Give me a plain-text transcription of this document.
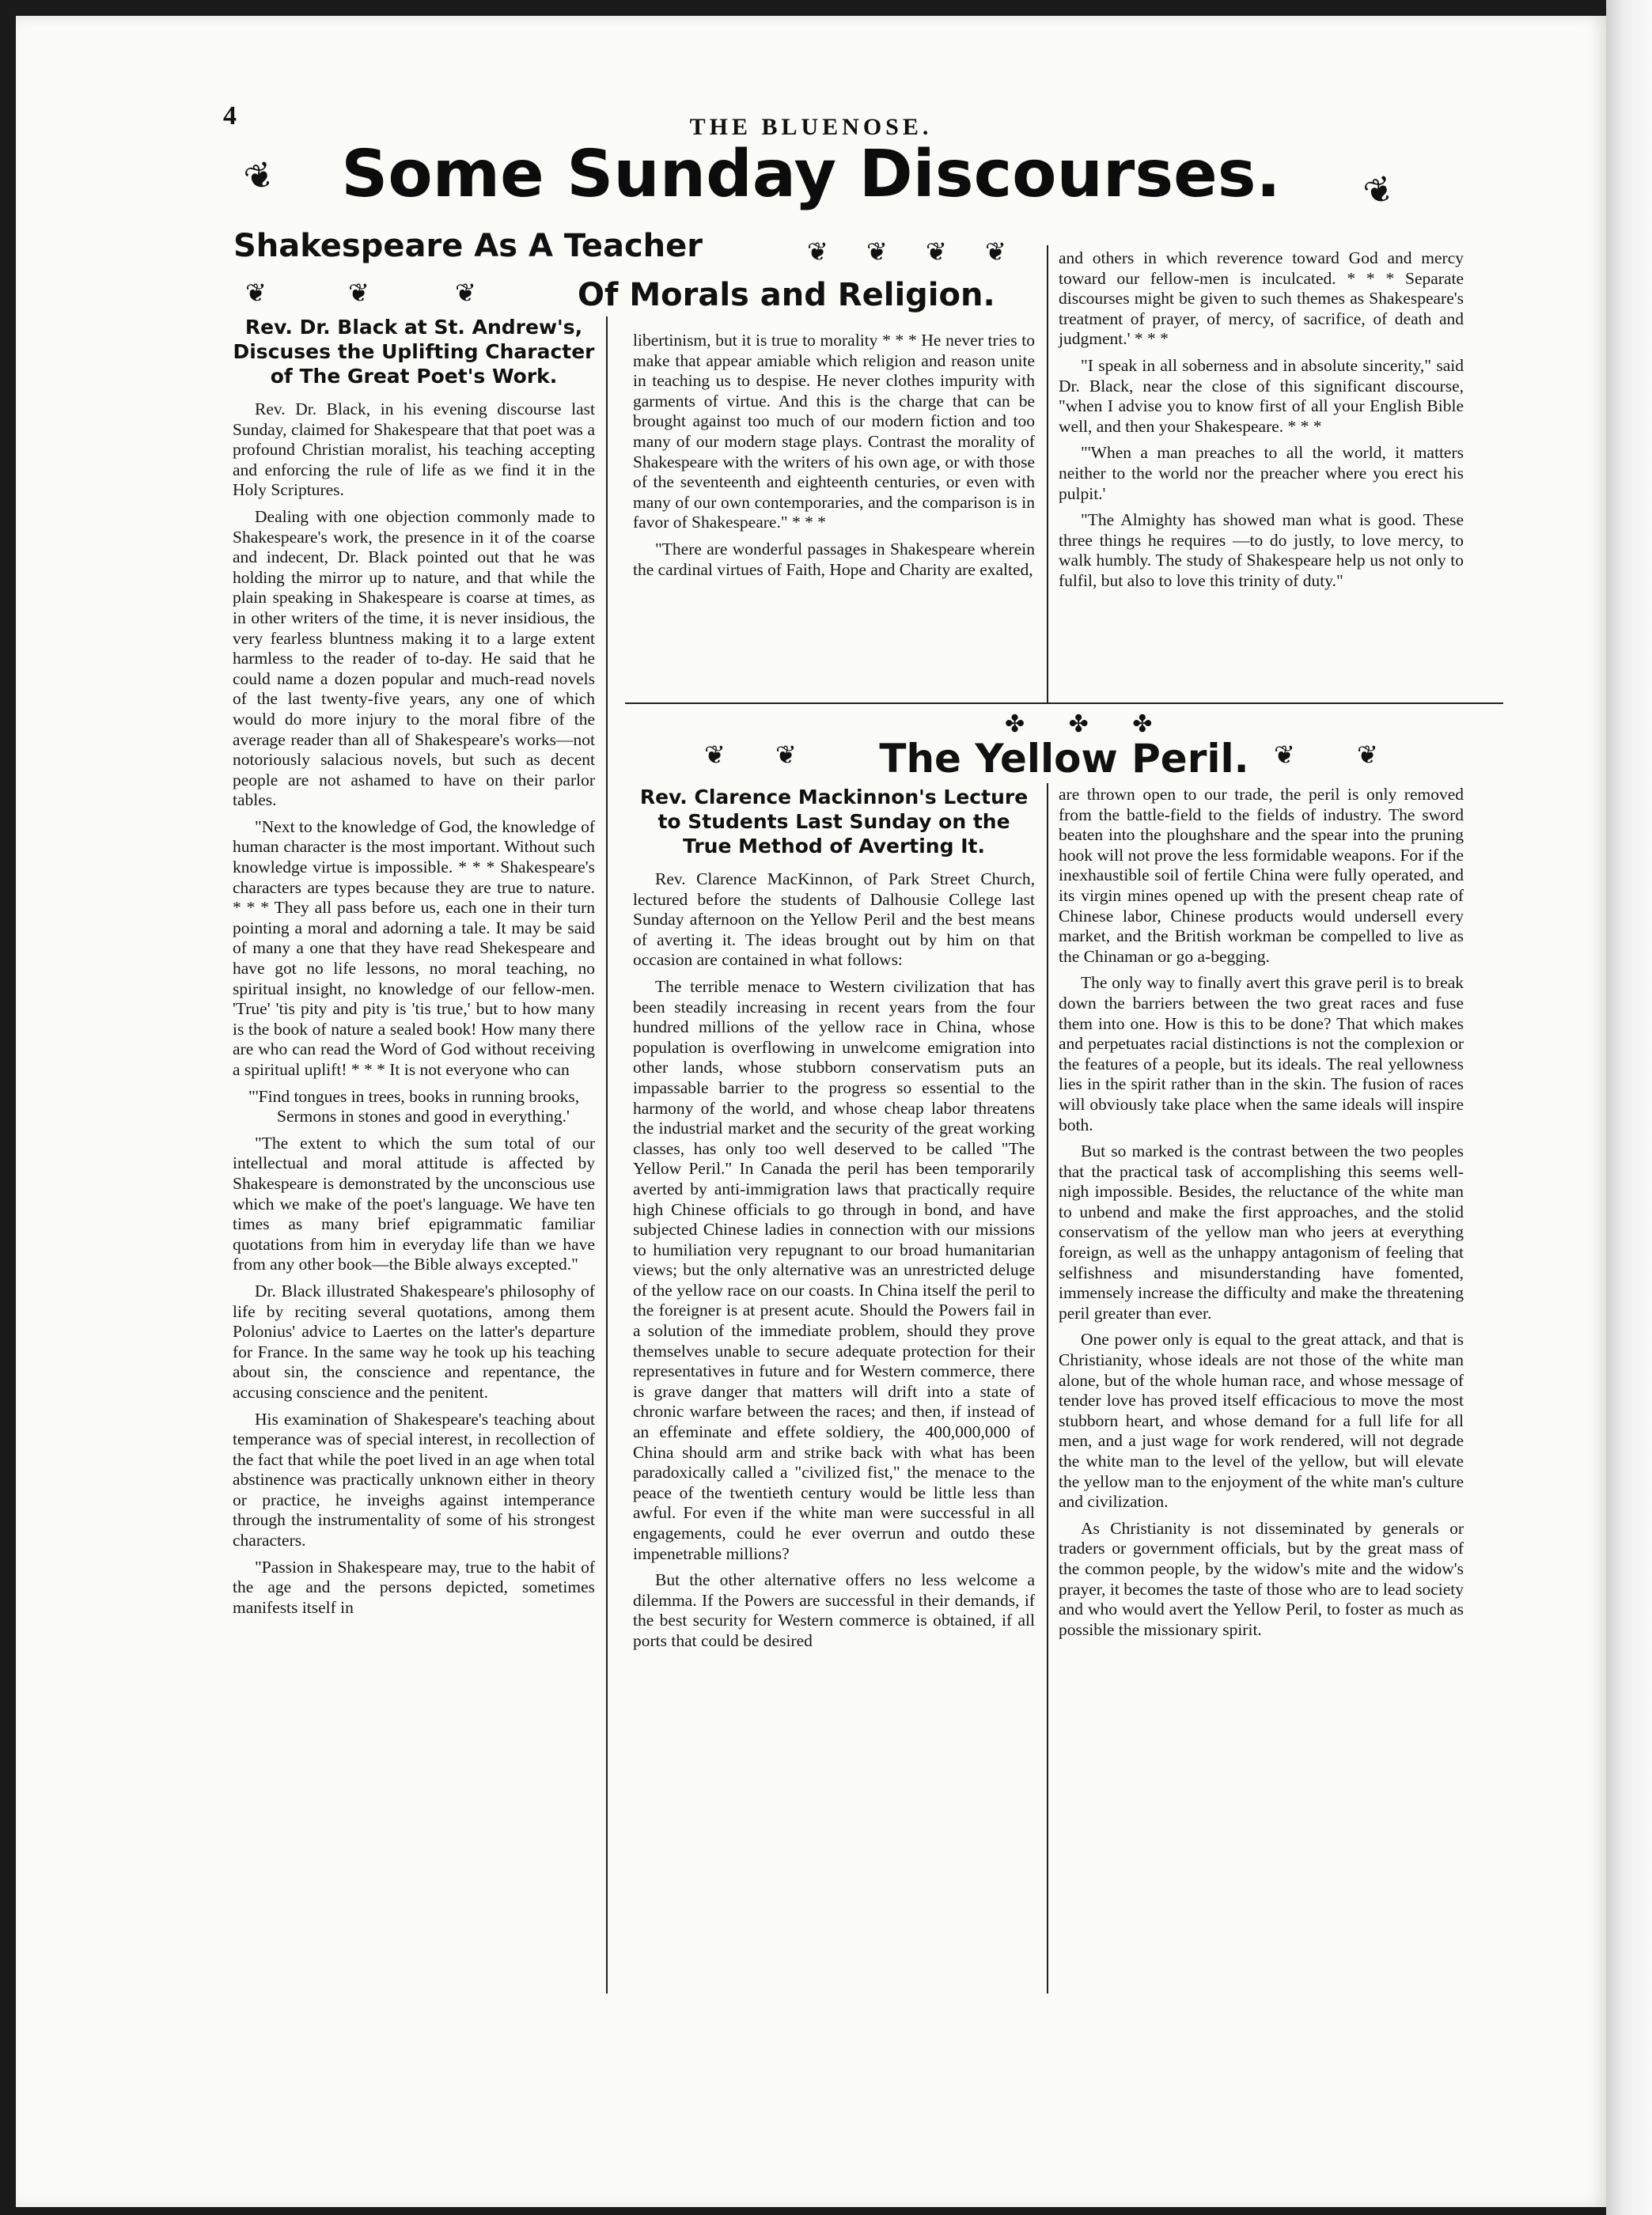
4	THE BLUENOSE.
❦ Some Sunday Discourses.	❦
Shakespeare As A Teacher	❦ ❦ ❦ ❦
❦	❦	❦	Of Morals and Religion.
Rev. Dr. Black at St. Andrew's, Discuses the Uplifting Character of The Great Poet's Work.

Rev. Dr. Black, in his evening discourse last Sunday, claimed for Shakespeare that that poet was a profound Christian moralist, his teaching accepting and enforcing the rule of life as we find it in the Holy Scriptures.

Dealing with one objection commonly made to Shakespeare's work, the presence in it of the coarse and indecent, Dr. Black pointed out that he was holding the mirror up to nature, and that while the plain speaking in Shakespeare is coarse at times, as in other writers of the time, it is never insidious, the very fearless bluntness making it to a large extent harmless to the reader of to-day. He said that he could name a dozen popular and much-read novels of the last twenty-five years, any one of which would do more injury to the moral fibre of the average reader than all of Shakespeare's works—not notoriously salacious novels, but such as decent people are not ashamed to have on their parlor tables.

"Next to the knowledge of God, the knowledge of human character is the most important. Without such knowledge virtue is impossible. * * * Shakespeare's characters are types because they are true to nature. * * * They all pass before us, each one in their turn pointing a moral and adorning a tale. It may be said of many a one that they have read Shekespeare and have got no life lessons, no moral teaching, no spiritual insight, no knowledge of our fellow-men. 'True' 'tis pity and pity is 'tis true,' but to how many is the book of nature a sealed book! How many there are who can read the Word of God without receiving a spiritual uplift! * * * It is not everyone who can

"'Find tongues in trees, books in running brooks,
Sermons in stones and good in everything.'

"The extent to which the sum total of our intellectual and moral attitude is affected by Shakespeare is demonstrated by the unconscious use which we make of the poet's language. We have ten times as many brief epigrammatic familiar quotations from him in everyday life than we have from any other book—the Bible always excepted."

Dr. Black illustrated Shakespeare's philosophy of life by reciting several quotations, among them Polonius' advice to Laertes on the latter's departure for France. In the same way he took up his teaching about sin, the conscience and repentance, the accusing conscience and the penitent.

His examination of Shakespeare's teaching about temperance was of special interest, in recollection of the fact that while the poet lived in an age when total abstinence was practically unknown either in theory or practice, he inveighs against intemperance through the instrumentality of some of his strongest characters.

"Passion in Shakespeare may, true to the habit of the age and the persons depicted, sometimes manifests itself in

libertinism, but it is true to morality * * * He never tries to make that appear amiable which religion and reason unite in teaching us to despise. He never clothes impurity with garments of virtue. And this is the charge that can be brought against too much of our modern fiction and too many of our modern stage plays. Contrast the morality of Shakespeare with the writers of his own age, or with those of the seventeenth and eighteenth centuries, or even with many of our own contemporaries, and the comparison is in favor of Shakespeare." * * *

"There are wonderful passages in Shakespeare wherein the cardinal virtues of Faith, Hope and Charity are exalted,

and others in which reverence toward God and mercy toward our fellow-men is inculcated. * * * Separate discourses might be given to such themes as Shakespeare's treatment of prayer, of mercy, of sacrifice, of death and judgment.' * * *

"I speak in all soberness and in absolute sincerity," said Dr. Black, near the close of this significant discourse, "when I advise you to know first of all your English Bible well, and then your Shakespeare. * * *

"'When a man preaches to all the world, it matters neither to the world nor the preacher where you erect his pulpit.'

"The Almighty has showed man what is good. These three things he requires —to do justly, to love mercy, to walk humbly. The study of Shakespeare help us not only to fulfil, but also to love this trinity of duty."

✤ ✤ ✤
❦ ❦	The Yellow Peril. ❦ ❦
Rev. Clarence Mackinnon's Lecture to Students Last Sunday on the True Method of Averting It.

Rev. Clarence MacKinnon, of Park Street Church, lectured before the students of Dalhousie College last Sunday afternoon on the Yellow Peril and the best means of averting it. The ideas brought out by him on that occasion are contained in what follows:

The terrible menace to Western civilization that has been steadily increasing in recent years from the four hundred millions of the yellow race in China, whose population is overflowing in unwelcome emigration into other lands, whose stubborn conservatism puts an impassable barrier to the progress so essential to the harmony of the world, and whose cheap labor threatens the industrial market and the security of the great working classes, has only too well deserved to be called "The Yellow Peril." In Canada the peril has been temporarily averted by anti-immigration laws that practically require high Chinese officials to go through in bond, and have subjected Chinese ladies in connection with our missions to humiliation very repugnant to our broad humanitarian views; but the only alternative was an unrestricted deluge of the yellow race on our coasts. In China itself the peril to the foreigner is at present acute. Should the Powers fail in a solution of the immediate problem, should they prove themselves unable to secure adequate protection for their representatives in future and for Western commerce, there is grave danger that matters will drift into a state of chronic warfare between the races; and then, if instead of an effeminate and effete soldiery, the 400,000,000 of China should arm and strike back with what has been paradoxically called a "civilized fist," the menace to the peace of the twentieth century would be little less than awful. For even if the white man were successful in all engagements, could he ever overrun and outdo these impenetrable millions?

But the other alternative offers no less welcome a dilemma. If the Powers are successful in their demands, if the best security for Western commerce is obtained, if all ports that could be desired

are thrown open to our trade, the peril is only removed from the battle-field to the fields of industry. The sword beaten into the ploughshare and the spear into the pruning hook will not prove the less formidable weapons. For if the inexhaustible soil of fertile China were fully operated, and its virgin mines opened up with the present cheap rate of Chinese labor, Chinese products would undersell every market, and the British workman be compelled to live as the Chinaman or go a-begging.

The only way to finally avert this grave peril is to break down the barriers between the two great races and fuse them into one. How is this to be done? That which makes and perpetuates racial distinctions is not the complexion or the features of a people, but its ideals. The real yellowness lies in the spirit rather than in the skin. The fusion of races will obviously take place when the same ideals will inspire both.

But so marked is the contrast between the two peoples that the practical task of accomplishing this seems well-nigh impossible. Besides, the reluctance of the white man to unbend and make the first approaches, and the stolid conservatism of the yellow man who jeers at everything foreign, as well as the unhappy antagonism of feeling that selfishness and misunderstanding have fomented, immensely increase the difficulty and make the threatening peril greater than ever.

One power only is equal to the great attack, and that is Christianity, whose ideals are not those of the white man alone, but of the whole human race, and whose message of tender love has proved itself efficacious to move the most stubborn heart, and whose demand for a full life for all men, and a just wage for work rendered, will not degrade the white man to the level of the yellow, but will elevate the yellow man to the enjoyment of the white man's culture and civilization.

As Christianity is not disseminated by generals or traders or government officials, but by the great mass of the common people, by the widow's mite and the widow's prayer, it becomes the taste of those who are to lead society and who would avert the Yellow Peril, to foster as much as possible the missionary spirit.
